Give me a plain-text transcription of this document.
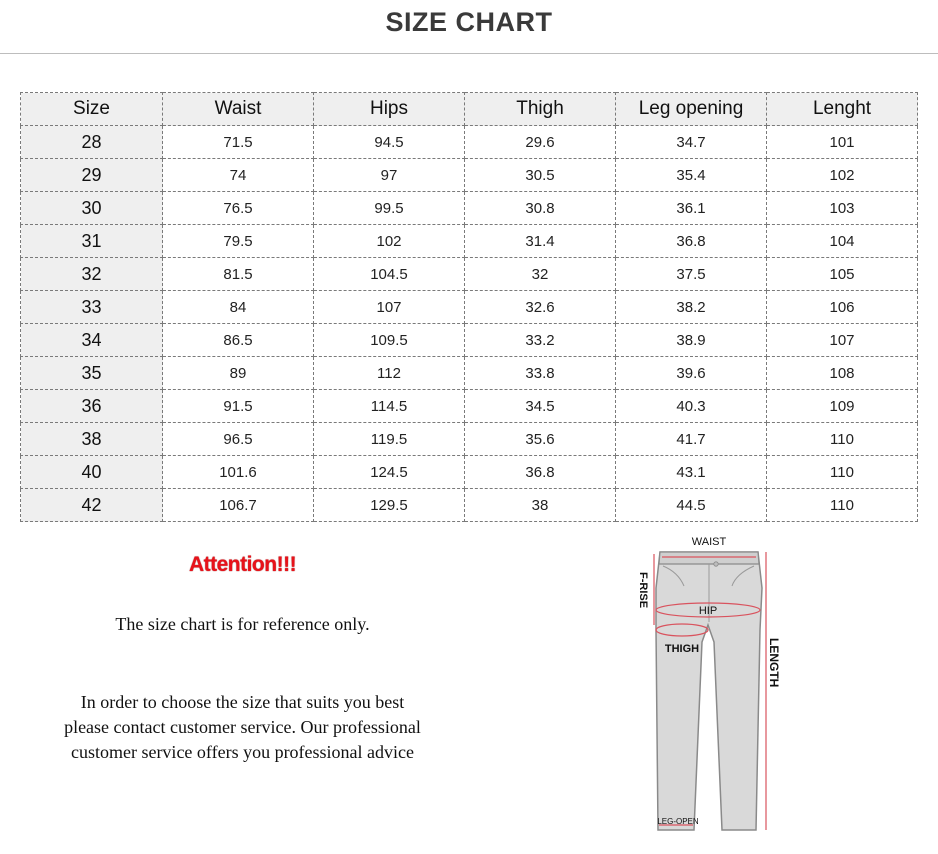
SIZE CHART
Size	Waist	Hips	Thigh	Leg opening	Lenght
28	71.5	94.5	29.6	34.7	101
29	74	97	30.5	35.4	102
30	76.5	99.5	30.8	36.1	103
31	79.5	102	31.4	36.8	104
32	81.5	104.5	32	37.5	105
33	84	107	32.6	38.2	106
34	86.5	109.5	33.2	38.9	107
35	89	112	33.8	39.6	108
36	91.5	114.5	34.5	40.3	109
38	96.5	119.5	35.6	41.7	110
40	101.6	124.5	36.8	43.1	110
42	106.7	129.5	38	44.5	110
Attention!!!
The size chart is for reference only.
In order to choose the size that suits you best
please contact customer service. Our professional
customer service offers you professional advice
WAIST
F-RISE
HIP
THIGH	LENGTH
LEG-OPEN
